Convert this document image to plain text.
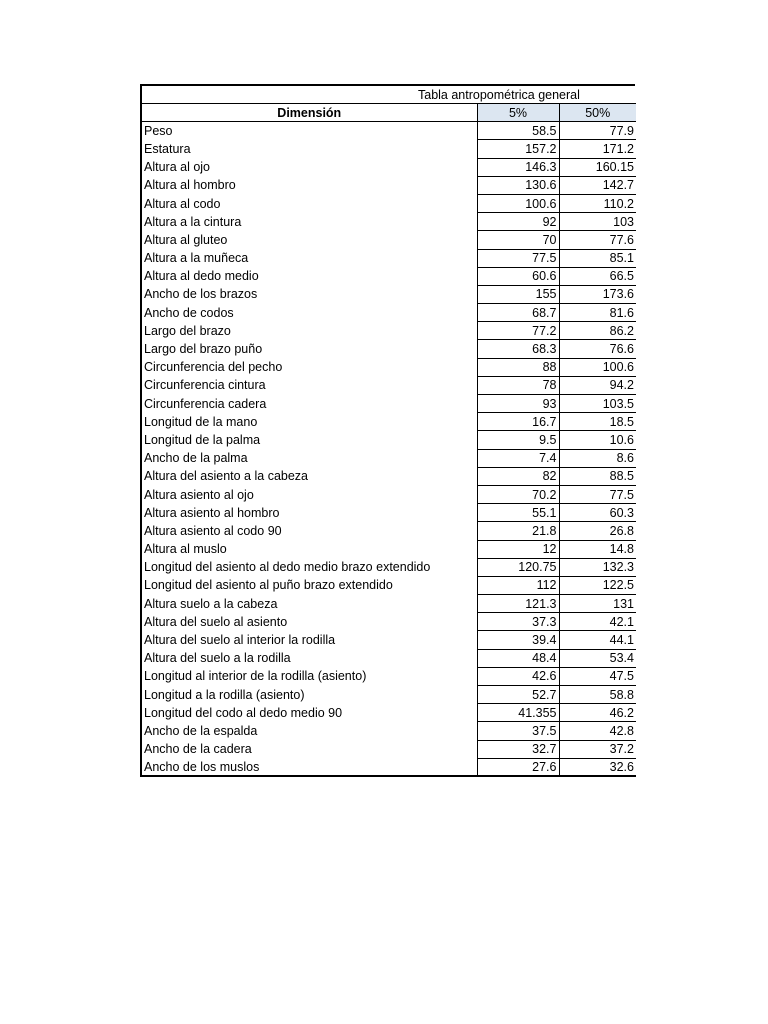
Tabla antropométrica general
Dimensión	5%	50%
Peso	58.5	77.9
Estatura	157.2	171.2
Altura al ojo	146.3	160.15
Altura al hombro	130.6	142.7
Altura al codo	100.6	110.2
Altura a la cintura	92	103
Altura al gluteo	70	77.6
Altura a la muñeca	77.5	85.1
Altura al dedo medio	60.6	66.5
Ancho de los brazos	155	173.6
Ancho de codos	68.7	81.6
Largo del brazo	77.2	86.2
Largo del brazo puño	68.3	76.6
Circunferencia del pecho	88	100.6
Circunferencia cintura	78	94.2
Circunferencia cadera	93	103.5
Longitud de la mano	16.7	18.5
Longitud de la palma	9.5	10.6
Ancho de la palma	7.4	8.6
Altura del asiento a la cabeza	82	88.5
Altura asiento al ojo	70.2	77.5
Altura asiento al hombro	55.1	60.3
Altura asiento al codo 90	21.8	26.8
Altura al muslo	12	14.8
Longitud del asiento al dedo medio brazo extendido	120.75	132.3
Longitud del asiento al puño brazo extendido	112	122.5
Altura suelo a la cabeza	121.3	131
Altura del suelo al asiento	37.3	42.1
Altura del suelo al interior la rodilla	39.4	44.1
Altura del suelo a la rodilla	48.4	53.4
Longitud al interior de la rodilla (asiento)	42.6	47.5
Longitud a la rodilla (asiento)	52.7	58.8
Longitud del codo al dedo medio 90	41.355	46.2
Ancho de la espalda	37.5	42.8
Ancho de la cadera	32.7	37.2
Ancho de los muslos	27.6	32.6
